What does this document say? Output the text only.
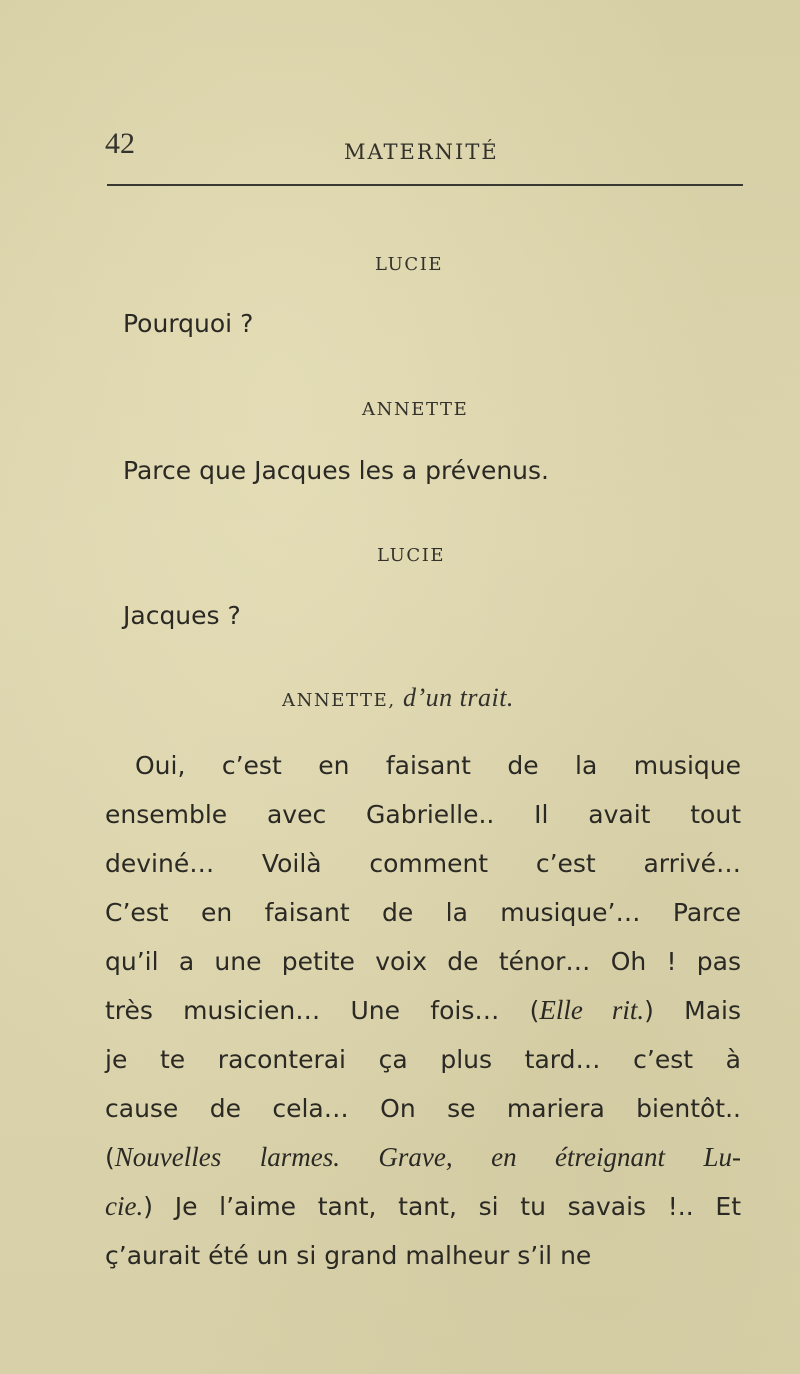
42	MATERNITÉ
LUCIE
Pourquoi ?
ANNETTE
Parce que Jacques les a prévenus.
LUCIE
Jacques ?
ANNETTE, d’un trait.
Oui, c’est en faisant de la musique
ensemble avec Gabrielle.. Il avait tout
deviné… Voilà comment c’est arrivé…
C’est en faisant de la musique’… Parce
qu’il a une petite voix de ténor… Oh ! pas
très musicien… Une fois… (Elle rit.) Mais
je te raconterai ça plus tard… c’est à
cause de cela… On se mariera bientôt..
(Nouvelles larmes. Grave, en étreignant Lu-
cie.) Je l’aime tant, tant, si tu savais !.. Et
ç’aurait été un si grand malheur s’il ne
